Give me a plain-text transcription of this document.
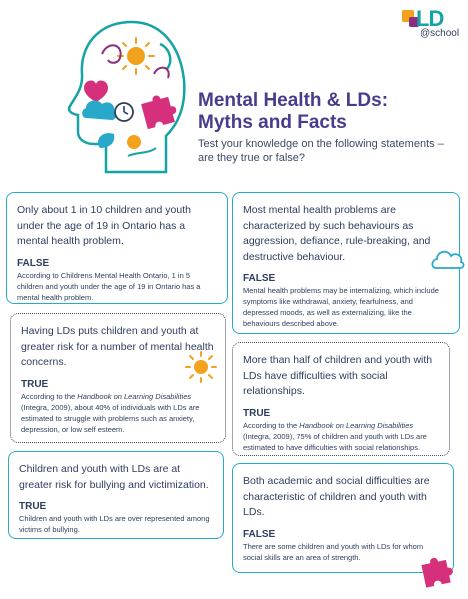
LD
@school
Mental Health & LDs:
Myths and Facts
Test your knowledge on the following statements – are they true or false?
Only about 1 in 10 children and youth under the age of 19 in Ontario has a mental health problem.
FALSE
According to Childrens Mental Health Ontario, 1 in 5 children and youth under the age of 19 in Ontario has a mental health problem.
Having LDs puts children and youth at greater risk for a number of mental health concerns.
TRUE
According to the Handbook on Learning Disabilities (Integra, 2009), about 40% of individuals with LDs are estimated to struggle with problems such as anxiety, depression, or low self esteem.
Children and youth with LDs are at greater risk for bullying and victimization.
TRUE
Children and youth with LDs are over represented among victims of bullying.
Most mental health problems are characterized by such behaviours as aggression, defiance, rule-breaking, and destructive behaviour.
FALSE
Mental health problems may be internalizing, which include symptoms like withdrawal, anxiety, fearfulness, and depressed moods, as well as externalizing, like the behaviours described above.
More than half of children and youth with LDs have difficulties with social relationships.
TRUE
According to the Handbook on Learning Disabilities (Integra, 2009), 75% of children and youth with LDs are estimated to have difficulties with social relationships.
Both academic and social difficulties are characteristic of children and youth with LDs.
FALSE
There are some children and youth with LDs for whom social skills are an area of strength.
